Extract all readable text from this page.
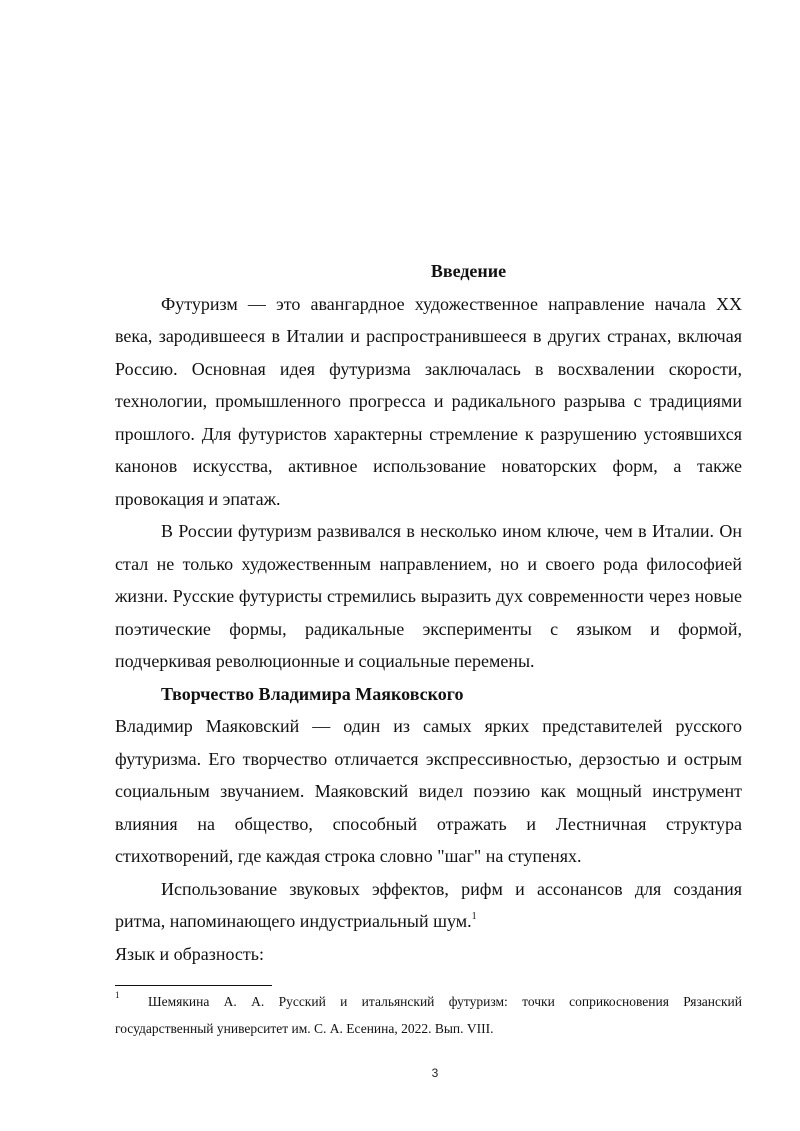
Введение

Футуризм — это авангардное художественное направление начала XX века, зародившееся в Италии и распространившееся в других странах, включая Россию. Основная идея футуризма заключалась в восхвалении скорости, технологии, промышленного прогресса и радикального разрыва с традициями прошлого. Для футуристов характерны стремление к разрушению устоявшихся канонов искусства, активное использование новаторских форм, а также провокация и эпатаж.

В России футуризм развивался в несколько ином ключе, чем в Италии. Он стал не только художественным направлением, но и своего рода философией жизни. Русские футуристы стремились выразить дух современности через новые поэтические формы, радикальные эксперименты с языком и формой, подчеркивая революционные и социальные перемены.

Творчество Владимира Маяковского

Владимир Маяковский — один из самых ярких представителей русского футуризма. Его творчество отличается экспрессивностью, дерзостью и острым социальным звучанием. Маяковский видел поэзию как мощный инструмент влияния на общество, способный отражать и Лестничная структура стихотворений, где каждая строка словно "шаг" на ступенях.

Использование звуковых эффектов, рифм и ассонансов для создания ритма, напоминающего индустриальный шум.$^1$

Язык и образность:

1	Шемякина А. А. Русский и итальянский футуризм: точки соприкосновения Рязанский государственный университет им. С. А. Есенина, 2022. Вып. VIII.

3
